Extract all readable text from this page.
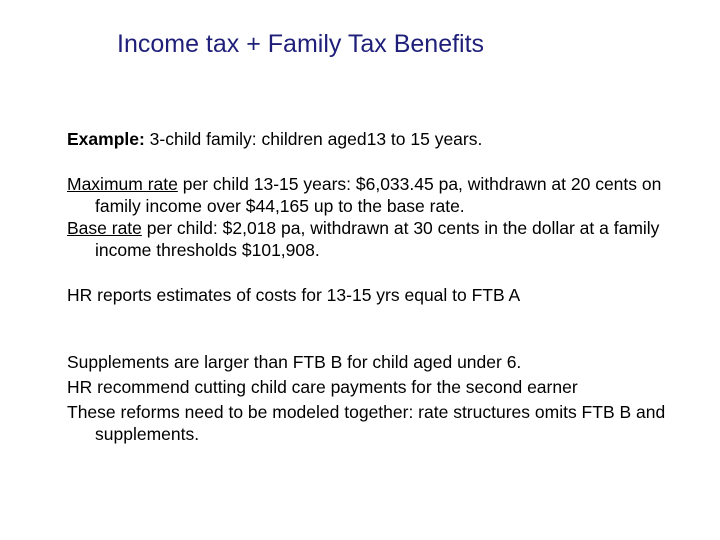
Income tax + Family Tax Benefits

Example: 3-child family: children aged13 to 15 years.

Maximum rate per child 13-15 years: $6,033.45 pa, withdrawn at 20 cents on family income over $44,165 up to the base rate.

Base rate per child: $2,018 pa, withdrawn at 30 cents in the dollar at a family income thresholds $101,908.

HR reports estimates of costs for 13-15 yrs equal to FTB A

Supplements are larger than FTB B for child aged under 6.

HR recommend cutting child care payments for the second earner

These reforms need to be modeled together: rate structures omits FTB B and supplements.
